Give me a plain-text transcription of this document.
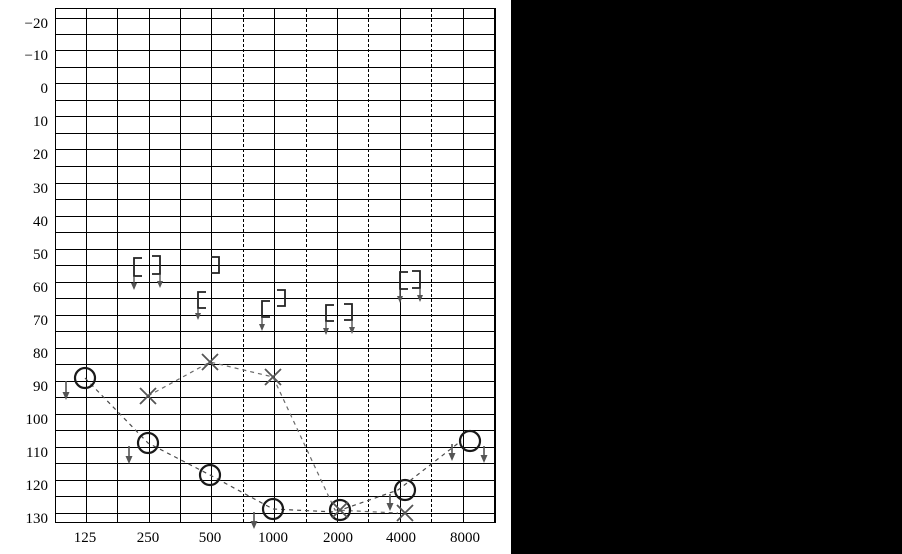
−20
−10
0
10
20
30
40
50
60
70
80
90
100
110
120
130
125	250	500	1000	2000	4000	8000
